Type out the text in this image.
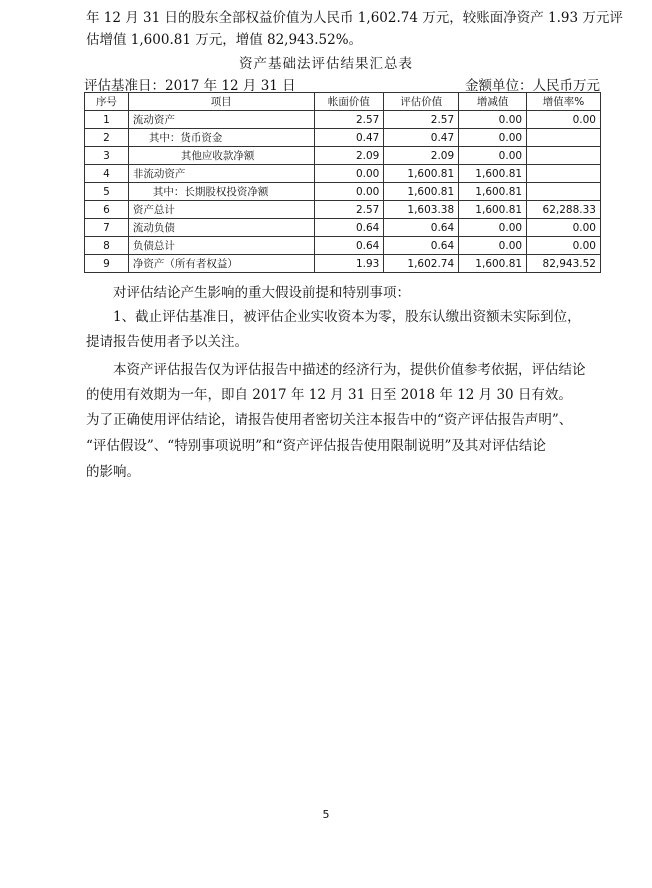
年 12 月 31 日的股东全部权益价值为人民币 1,602.74 万元，较账面净资产 1.93 万元评
估增值 1,600.81 万元，增值 82,943.52%。
资产基础法评估结果汇总表
评估基准日：2017 年 12 月 31 日	金额单位：人民币万元
序号	项目	帐面价值	评估价值	增减值	增值率%
1	流动资产	2.57	2.57	0.00	0.00
2	其中：货币资金	0.47	0.47	0.00	
3	其他应收款净额	2.09	2.09	0.00	
4	非流动资产	0.00	1,600.81	1,600.81	
5	其中：长期股权投资净额	0.00	1,600.81	1,600.81	
6	资产总计	2.57	1,603.38	1,600.81	62,288.33
7	流动负债	0.64	0.64	0.00	0.00
8	负债总计	0.64	0.64	0.00	0.00
9	净资产（所有者权益）	1.93	1,602.74	1,600.81	82,943.52
对评估结论产生影响的重大假设前提和特别事项：
1、截止评估基准日，被评估企业实收资本为零，股东认缴出资额未实际到位，
提请报告使用者予以关注。
本资产评估报告仅为评估报告中描述的经济行为，提供价值参考依据，评估结论
的使用有效期为一年，即自 2017 年 12 月 31 日至 2018 年 12 月 30 日有效。
为了正确使用评估结论，请报告使用者密切关注本报告中的“资产评估报告声明”、
“评估假设”、“特别事项说明”和“资产评估报告使用限制说明”及其对评估结论
的影响。
5
